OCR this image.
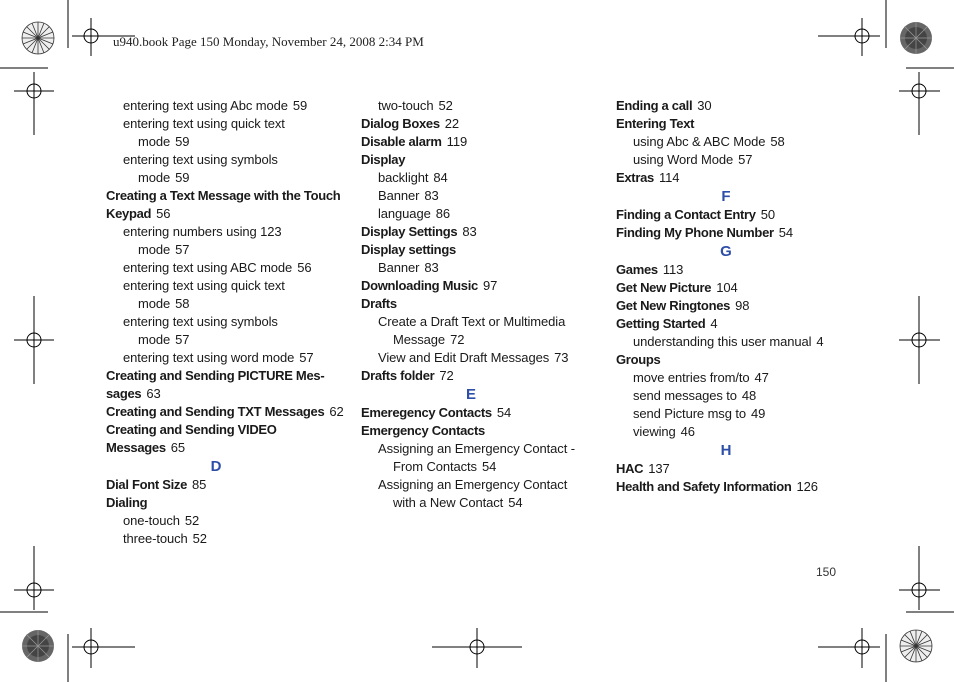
u940.book Page 150 Monday, November 24, 2008 2:34 PM
entering text using Abc mode 59
entering text using quick text
mode 59
entering text using symbols
mode 59
Creating a Text Message with the Touch
Keypad 56
entering numbers using 123
mode 57
entering text using ABC mode 56
entering text using quick text
mode 58
entering text using symbols
mode 57
entering text using word mode 57
Creating and Sending PICTURE Mes-
sages 63
Creating and Sending TXT Messages 62
Creating and Sending VIDEO
Messages 65
D
Dial Font Size 85
Dialing
one-touch 52
three-touch 52
two-touch 52
Dialog Boxes 22
Disable alarm 119
Display
backlight 84
Banner 83
language 86
Display Settings 83
Display settings
Banner 83
Downloading Music 97
Drafts
Create a Draft Text or Multimedia
Message 72
View and Edit Draft Messages 73
Drafts folder 72
E
Emeregency Contacts 54
Emergency Contacts
Assigning an Emergency Contact -
From Contacts 54
Assigning an Emergency Contact
with a New Contact 54
Ending a call 30
Entering Text
using Abc & ABC Mode 58
using Word Mode 57
Extras 114
F
Finding a Contact Entry 50
Finding My Phone Number 54
G
Games 113
Get New Picture 104
Get New Ringtones 98
Getting Started 4
understanding this user manual 4
Groups
move entries from/to 47
send messages to 48
send Picture msg to 49
viewing 46
H
HAC 137
Health and Safety Information 126
150
